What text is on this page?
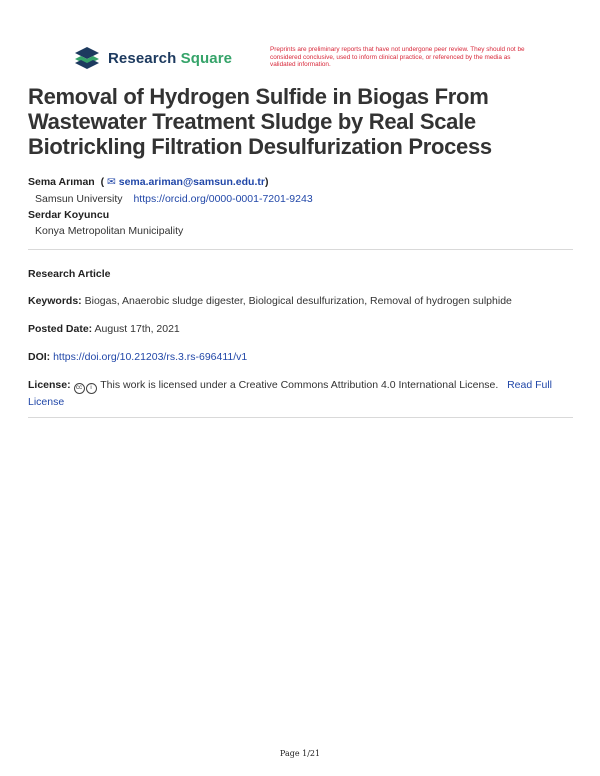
Research Square	Preprints are preliminary reports that have not undergone peer review. They should not be considered conclusive, used to inform clinical practice, or referenced by the media as validated information.
Removal of Hydrogen Sulfide in Biogas From Wastewater Treatment Sludge by Real Scale Biotrickling Filtration Desulfurization Process
Sema Arıman  ( ✉ sema.ariman@samsun.edu.tr)
Samsun University https://orcid.org/0000-0001-7201-9243
Serdar Koyuncu
Konya Metropolitan Municipality
Research Article
Keywords: Biogas, Anaerobic sludge digester, Biological desulfurization, Removal of hydrogen sulphide
Posted Date: August 17th, 2021
DOI: https://doi.org/10.21203/rs.3.rs-696411/v1
License: cc i This work is licensed under a Creative Commons Attribution 4.0 International License. Read Full
License
Page 1/21
